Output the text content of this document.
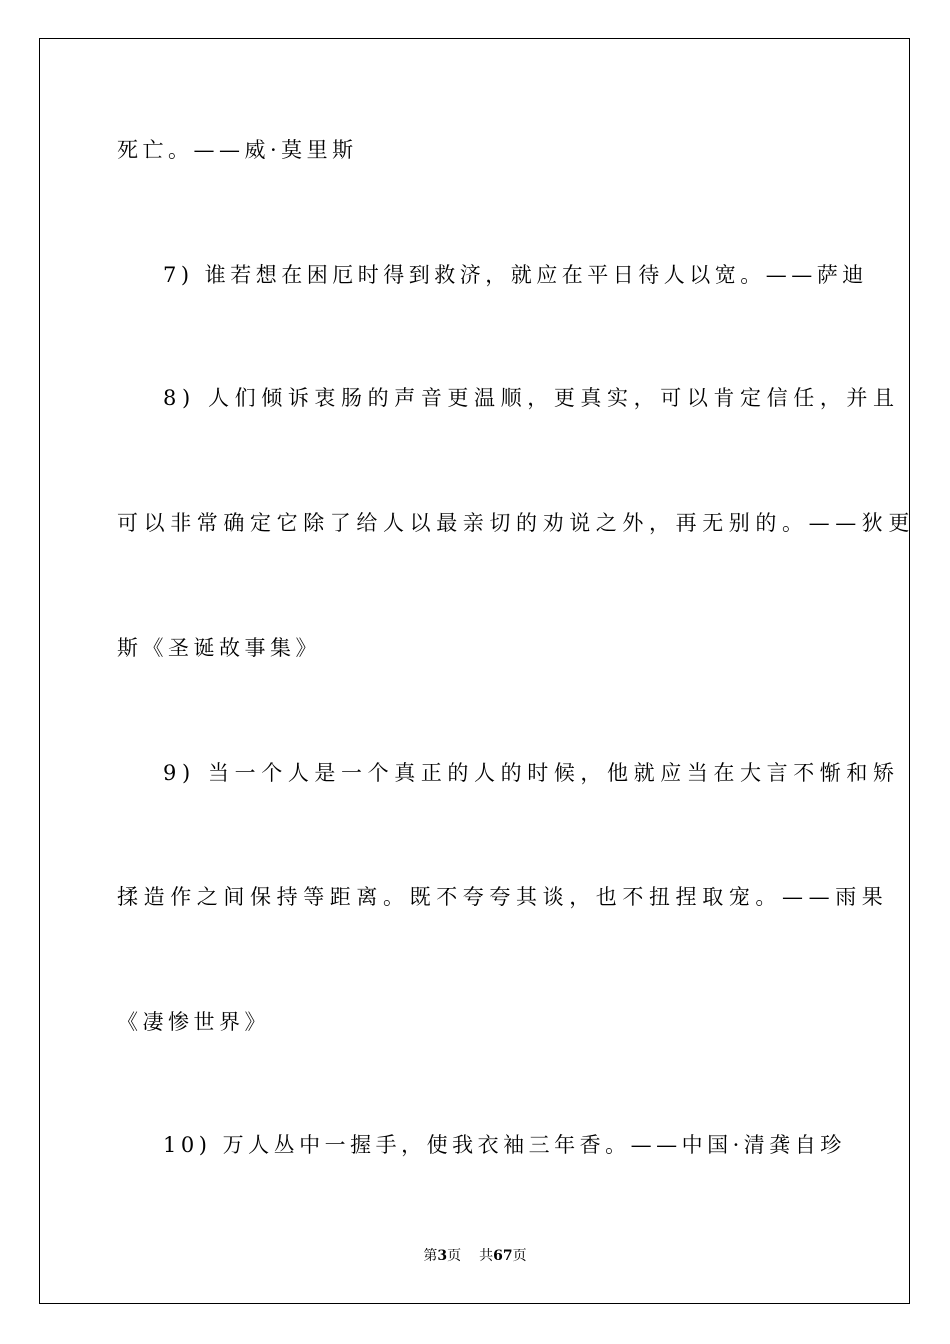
死亡。——威·莫里斯
7) 谁若想在困厄时得到救济，就应在平日待人以宽。——萨迪
8) 人们倾诉衷肠的声音更温顺，更真实，可以肯定信任，并且
可以非常确定它除了给人以最亲切的劝说之外，再无别的。——狄更
斯《圣诞故事集》
9) 当一个人是一个真正的人的时候，他就应当在大言不惭和矫
揉造作之间保持等距离。既不夸夸其谈，也不扭捏取宠。——雨果
《凄惨世界》
10) 万人丛中一握手，使我衣袖三年香。——中国·清龚自珍
第3页 共67页
